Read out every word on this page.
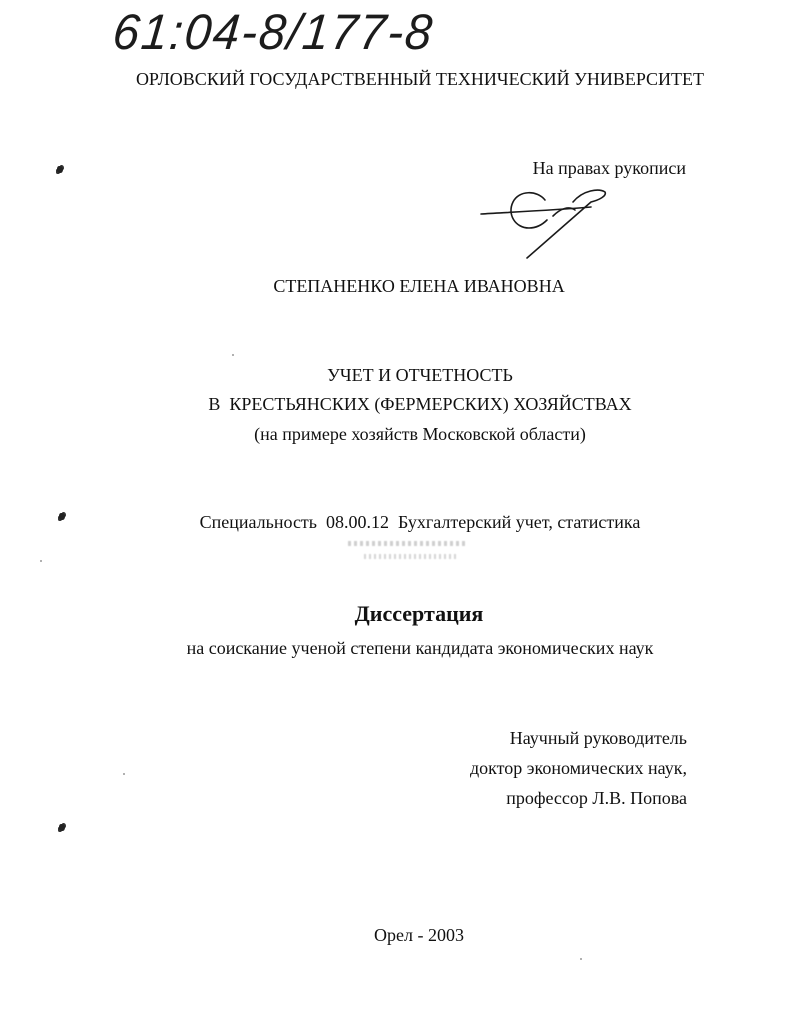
61:04-8/177-8
ОРЛОВСКИЙ ГОСУДАРСТВЕННЫЙ ТЕХНИЧЕСКИЙ УНИВЕРСИТЕТ
На правах рукописи
СТЕПАНЕНКО ЕЛЕНА ИВАНОВНА
УЧЕТ И ОТЧЕТНОСТЬ
В  КРЕСТЬЯНСКИХ (ФЕРМЕРСКИХ) ХОЗЯЙСТВАХ
(на примере хозяйств Московской области)
Специальность  08.00.12  Бухгалтерский учет, статистика
Диссертация
на соискание ученой степени кандидата экономических наук
Научный руководитель
доктор экономических наук,
профессор Л.В. Попова
Орел - 2003
